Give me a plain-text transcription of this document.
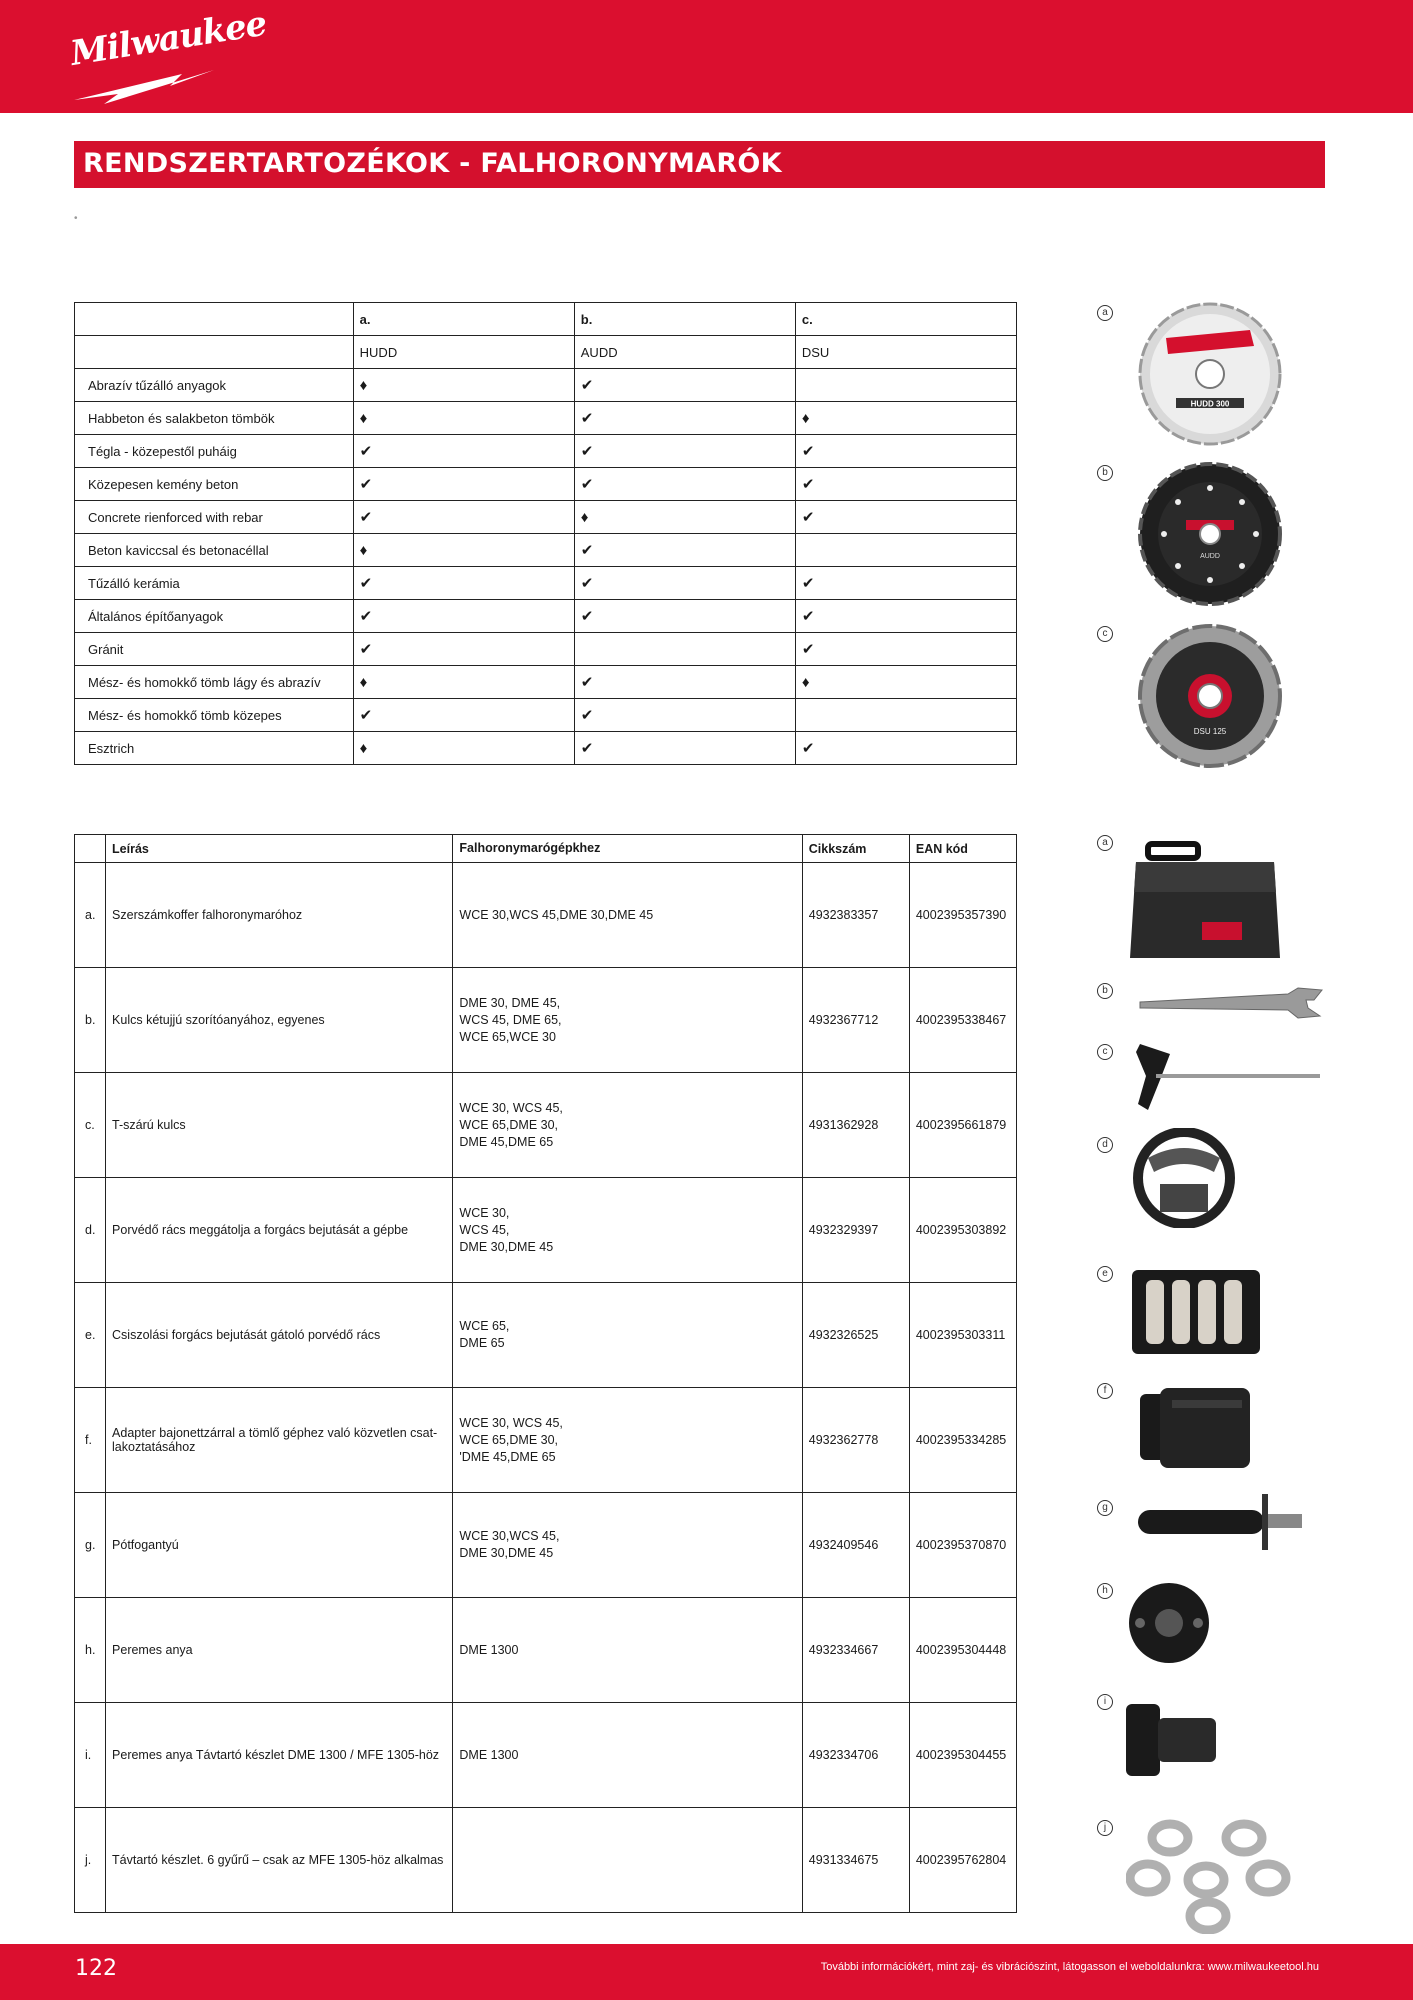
Milwaukee
RENDSZERTARTOZÉKOK - FALHORONYMARÓK
•
	a.	b.	c.
	HUDD	AUDD	DSU
Abrazív tűzálló anyagok	♦	✔	
Habbeton és salakbeton tömbök	♦	✔	♦
Tégla - közepestől puháig	✔	✔	✔
Közepesen kemény beton	✔	✔	✔
Concrete rienforced with rebar	✔	♦	✔
Beton kaviccsal és betonacéllal	♦	✔	
Tűzálló kerámia	✔	✔	✔
Általános építőanyagok	✔	✔	✔
Gránit	✔		✔
Mész- és homokkő tömb lágy és abrazív	♦	✔	♦
Mész- és homokkő tömb közepes	✔	✔	
Esztrich	♦	✔	✔
a
b
c
HUDD 300
AUDD
DSU 125
	Leírás	Falhoronymarógépkhez	Cikkszám	EAN kód
a.	Szerszámkoffer falhoronymaróhoz	WCE 30,WCS 45,DME 30,DME 45	4932383357	4002395357390
b.	Kulcs kétujjú szorítóanyához, egyenes	DME 30, DME 45,
WCS 45, DME 65,
WCE 65,WCE 30	4932367712	4002395338467
c.	T-szárú kulcs	WCE 30, WCS 45,
WCE 65,DME 30,
DME 45,DME 65	4931362928	4002395661879
d.	Porvédő rács meggátolja a forgács bejutását a gépbe	WCE 30,
WCS 45,
DME 30,DME 45	4932329397	4002395303892
e.	Csiszolási forgács bejutását gátoló porvédő rács	WCE 65,
DME 65	4932326525	4002395303311
f.	Adapter bajonettzárral a tömlő géphez való közvetlen csat-
lakoztatásához	WCE 30, WCS 45,
WCE 65,DME 30,
'DME 45,DME 65	4932362778	4002395334285
g.	Pótfogantyú	WCE 30,WCS 45,
DME 30,DME 45	4932409546	4002395370870
h.	Peremes anya	DME 1300	4932334667	4002395304448
i.	Peremes anya Távtartó készlet DME 1300 / MFE 1305-höz	DME 1300	4932334706	4002395304455
j.	Távtartó készlet. 6 gyűrű – csak az MFE 1305-höz alkalmas		4931334675	4002395762804
a
b
c
d
e
f
g
h
i
j
122	További információkért, mint zaj- és vibrációszint, látogasson el weboldalunkra: www.milwaukeetool.hu
